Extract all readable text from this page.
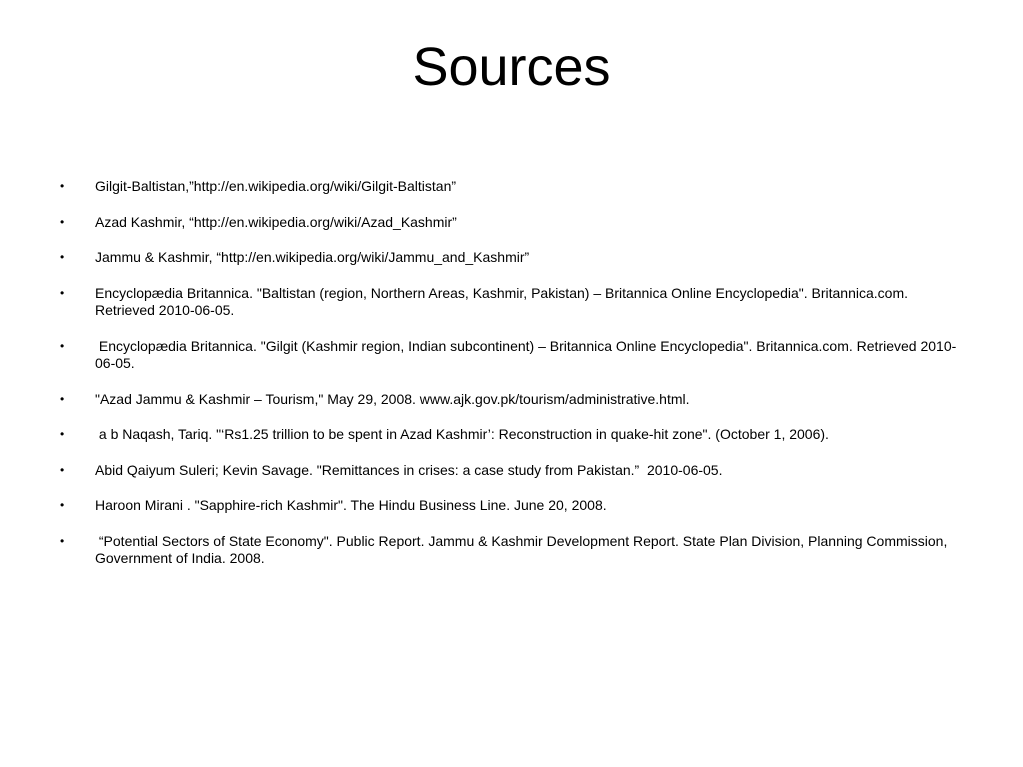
Sources
•	Gilgit-Baltistan,”http://en.wikipedia.org/wiki/Gilgit-Baltistan”
•	Azad Kashmir, “http://en.wikipedia.org/wiki/Azad_Kashmir”
•	Jammu & Kashmir, “http://en.wikipedia.org/wiki/Jammu_and_Kashmir”
•	Encyclopædia Britannica. "Baltistan (region, Northern Areas, Kashmir, Pakistan) – Britannica Online Encyclopedia". Britannica.com. Retrieved 2010-06-05.
•	Encyclopædia Britannica. "Gilgit (Kashmir region, Indian subcontinent) – Britannica Online Encyclopedia". Britannica.com. Retrieved 2010-06-05.
•	"Azad Jammu & Kashmir – Tourism," May 29, 2008. www.ajk.gov.pk/tourism/administrative.html.
•	a b Naqash, Tariq. "‘Rs1.25 trillion to be spent in Azad Kashmir’: Reconstruction in quake-hit zone". (October 1, 2006).
•	Abid Qaiyum Suleri; Kevin Savage. "Remittances in crises: a case study from Pakistan.”  2010-06-05.
•	Haroon Mirani . "Sapphire-rich Kashmir". The Hindu Business Line. June 20, 2008.
•	“Potential Sectors of State Economy". Public Report. Jammu & Kashmir Development Report. State Plan Division, Planning Commission, Government of India. 2008.
